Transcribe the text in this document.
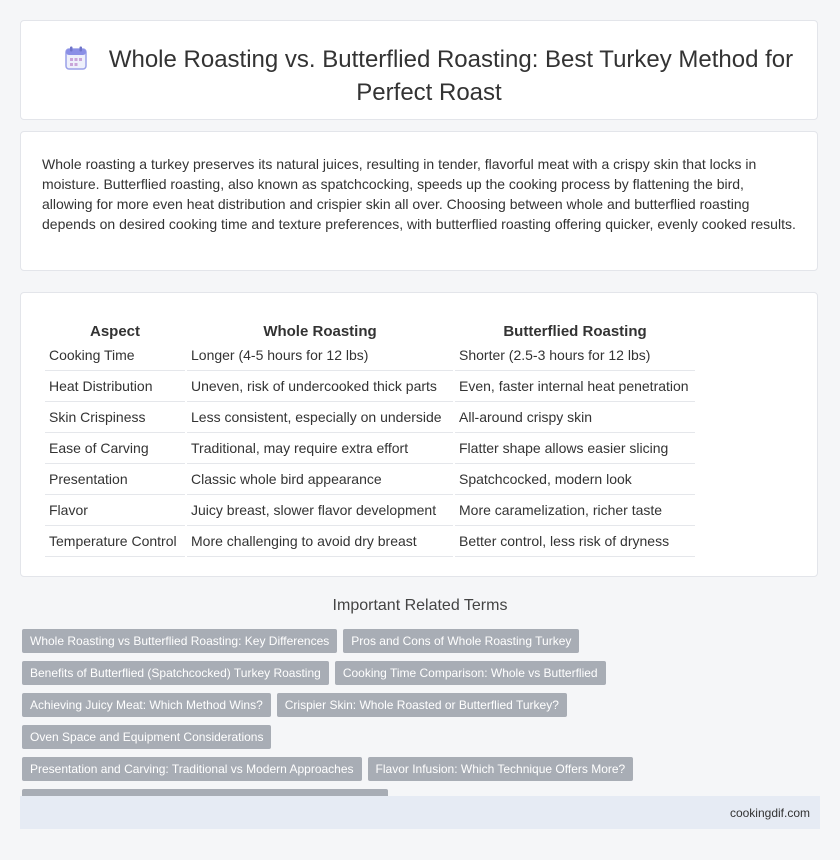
Whole Roasting vs. Butterflied Roasting: Best Turkey Method for Perfect Roast

Whole roasting a turkey preserves its natural juices, resulting in tender, flavorful meat with a crispy skin that locks in moisture. Butterflied roasting, also known as spatchcocking, speeds up the cooking process by flattening the bird, allowing for more even heat distribution and crispier skin all over. Choosing between whole and butterflied roasting depends on desired cooking time and texture preferences, with butterflied roasting offering quicker, evenly cooked results.

Aspect	Whole Roasting	Butterflied Roasting
Cooking Time	Longer (4-5 hours for 12 lbs)	Shorter (2.5-3 hours for 12 lbs)
Heat Distribution	Uneven, risk of undercooked thick parts	Even, faster internal heat penetration
Skin Crispiness	Less consistent, especially on underside	All-around crispy skin
Ease of Carving	Traditional, may require extra effort	Flatter shape allows easier slicing
Presentation	Classic whole bird appearance	Spatchcocked, modern look
Flavor	Juicy breast, slower flavor development	More caramelization, richer taste
Temperature Control	More challenging to avoid dry breast	Better control, less risk of dryness
Important Related Terms
Whole Roasting vs Butterflied Roasting: Key Differences Pros and Cons of Whole Roasting Turkey
Benefits of Butterflied (Spatchcocked) Turkey Roasting Cooking Time Comparison: Whole vs Butterflied
Achieving Juicy Meat: Which Method Wins? Crispier Skin: Whole Roasted or Butterflied Turkey?Oven Space and Equipment Considerations
Presentation and Carving: Traditional vs Modern Approaches Flavor Infusion: Which Technique Offers More?

cookingdif.com
